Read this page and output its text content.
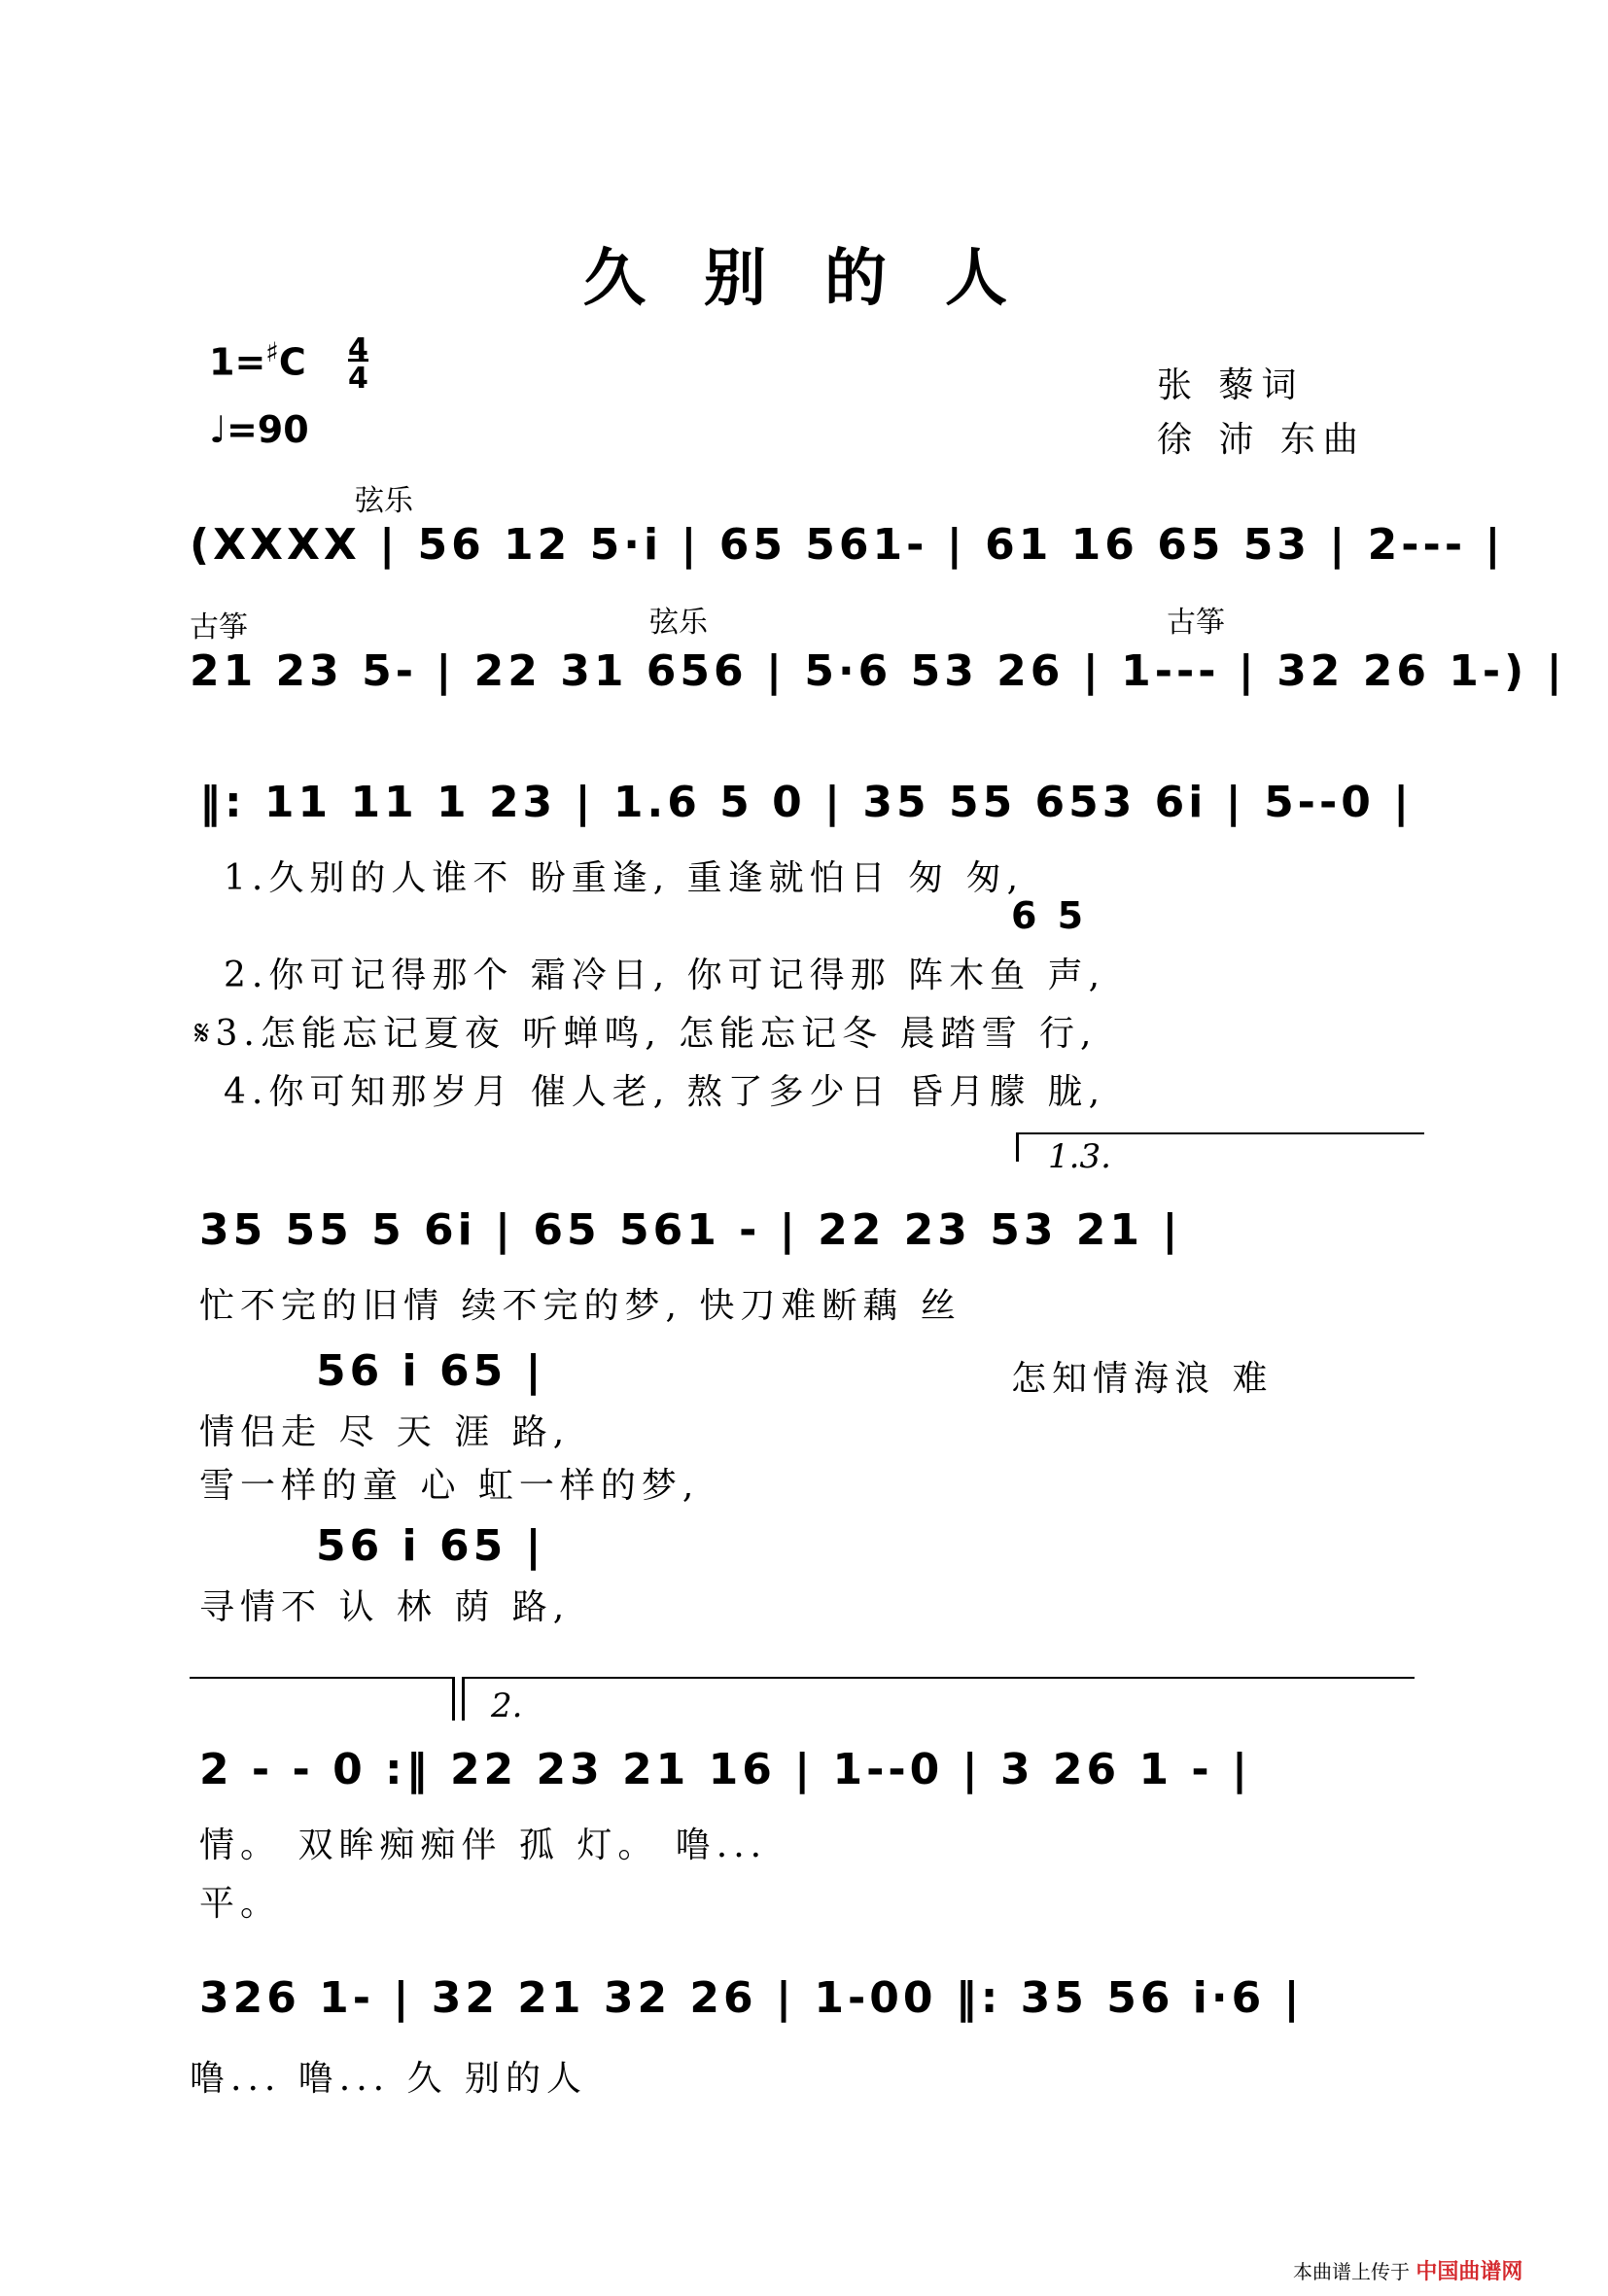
久别的人
$1=^♯C \frac{4}{4}$
♩=90
张 藜词
徐 沛 东曲
弦乐
(XXXX | 56 12 5·i | 65 561- | 61 16 65 53 | 2--- |
古筝	弦乐	古筝
21 23 5- | 22 31 656 | 5·6 53 26 | 1--- | 32 26 1-) |
‖: 11 11 1 23 | 1.6 5 0 | 35 55 653 6i | 5--0 |
1.久别的人谁不 盼重逢, 重逢就怕日 匆 匆,
6 5
2.你可记得那个 霜冷日, 你可记得那 阵木鱼 声,
𝄋3.怎能忘记夏夜 听蝉鸣, 怎能忘记冬 晨踏雪 行,
4.你可知那岁月 催人老, 熬了多少日 昏月朦 胧,
1.3.
35 55 5 6i | 65 561 - | 22 23 53 21 |
忙不完的旧情 续不完的梦, 快刀难断藕 丝
56 i 65 |	怎知情海浪 难
情侣走 尽 天 涯 路,
雪一样的童 心 虹一样的梦,
56 i 65 |
寻情不 认 林 荫 路,
2.
2 - - 0 :‖ 22 23 21 16 | 1--0 | 3 26 1 - |
情。 双眸痴痴伴 孤 灯。 噜...
平。
326 1- | 32 21 32 26 | 1-00 ‖: 35 56 i·6 |
噜... 噜... 久 别的人
本曲谱上传于 中国曲谱网
